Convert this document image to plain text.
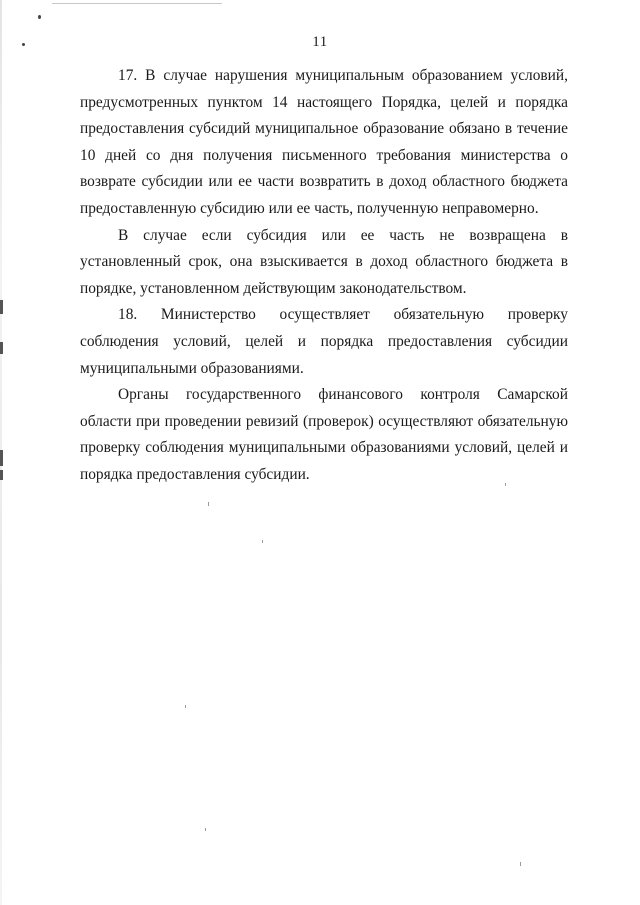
11

17. В случае нарушения муниципальным образованием условий, предусмотренных пунктом 14 настоящего Порядка, целей и порядка предоставления субсидий муниципальное образование обязано в течение 10 дней со дня получения письменного требования министерства о возврате субсидии или ее части возвратить в доход областного бюджета предоставленную субсидию или ее часть, полученную неправомерно.

В случае если субсидия или ее часть не возвращена в установленный срок, она взыскивается в доход областного бюджета в порядке, установленном действующим законодательством.

18. Министерство осуществляет обязательную проверку соблюдения условий, целей и порядка предоставления субсидии муниципальными образованиями.

Органы государственного финансового контроля Самарской области при проведении ревизий (проверок) осуществляют обязательную проверку соблюдения муниципальными образованиями условий, целей и порядка предоставления субсидии.
